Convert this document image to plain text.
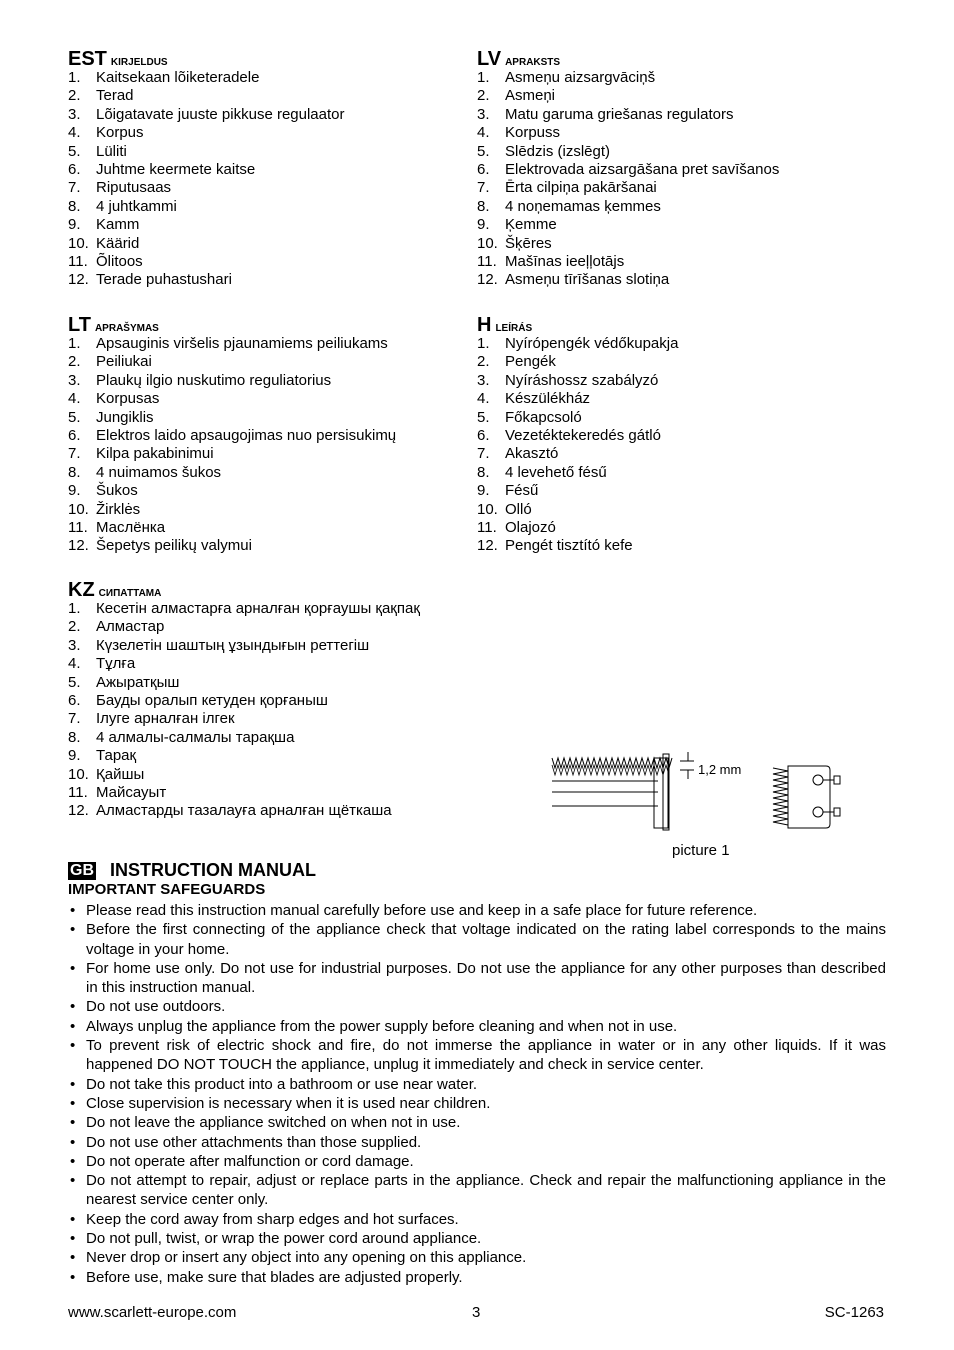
EST kirjeldus
1. Kaitsekaan lõiketeradele
2. Terad
3. Lõigatavate juuste pikkuse regulaator
4. Korpus
5. Lüliti
6. Juhtme keermete kaitse
7. Riputusaas
8. 4 juhtkammi
9. Kamm
10. Käärid
11. Õlitoos
12. Terade puhastushari
LV apraksts
1. Asmeņu aizsargvāciņš
2. Asmeņi
3. Matu garuma griešanas regulators
4. Korpuss
5. Slēdzis (izslēgt)
6. Elektrovada aizsargāšana pret savīšanos
7. Ērta cilpiņa pakāršanai
8. 4 noņemamas ķemmes
9. Ķemme
10. Šķēres
11. Mašīnas ieeļļotājs
12. Asmeņu tīrīšanas slotiņa
LT aprašymas
1. Apsauginis viršelis pjaunamiems peiliukams
2. Peiliukai
3. Plaukų ilgio nuskutimo reguliatorius
4. Korpusas
5. Jungiklis
6. Elektros laido apsaugojimas nuo persisukimų
7. Kilpa pakabinimui
8. 4 nuimamos šukos
9. Šukos
10. Žirklės
11. Маслёнка
12. Šepetys peilikų valymui
H leírás
1. Nyírópengék védőkupakja
2. Pengék
3. Nyíráshossz szabályzó
4. Készülékház
5. Főkapcsoló
6. Vezetéktekeredés gátló
7. Akasztó
8. 4 levehető fésű
9. Fésű
10. Olló
11. Olajozó
12. Pengét tisztító kefe
KZ сипаттама
1. Кесетін алмастарға арналған қорғаушы қақпақ
2. Алмастар
3. Күзелетін шаштың ұзындығын реттегіш
4. Тұлға
5. Ажыратқыш
6. Бауды оралып кетуден қорғаныш
7. Ілуге арналған ілгек
8. 4 алмалы-салмалы тарақша
9. Тарақ
10. Қайшы
11. Майсауыт
12. Алмастарды тазалауға арналған щёткаша
1,2 mm
picture 1
GB INSTRUCTION MANUAL
IMPORTANT SAFEGUARDS
• Please read this instruction manual carefully before use and keep in a safe place for future reference.
• Before the first connecting of the appliance check that voltage indicated on the rating label corresponds to the mains voltage in your home.
• For home use only. Do not use for industrial purposes. Do not use the appliance for any other purposes than described in this instruction manual.
• Do not use outdoors.
• Always unplug the appliance from the power supply before cleaning and when not in use.
• To prevent risk of electric shock and fire, do not immerse the appliance in water or in any other liquids. If it was happened DO NOT TOUCH the appliance, unplug it immediately and check in service center.
• Do not take this product into a bathroom or use near water.
• Close supervision is necessary when it is used near children.
• Do not leave the appliance switched on when not in use.
• Do not use other attachments than those supplied.
• Do not operate after malfunction or cord damage.
• Do not attempt to repair, adjust or replace parts in the appliance. Check and repair the malfunctioning appliance in the nearest service center only.
• Keep the cord away from sharp edges and hot surfaces.
• Do not pull, twist, or wrap the power cord around appliance.
• Never drop or insert any object into any opening on this appliance.
• Before use, make sure that blades are adjusted properly.
www.scarlett-europe.com	3	SC-1263
